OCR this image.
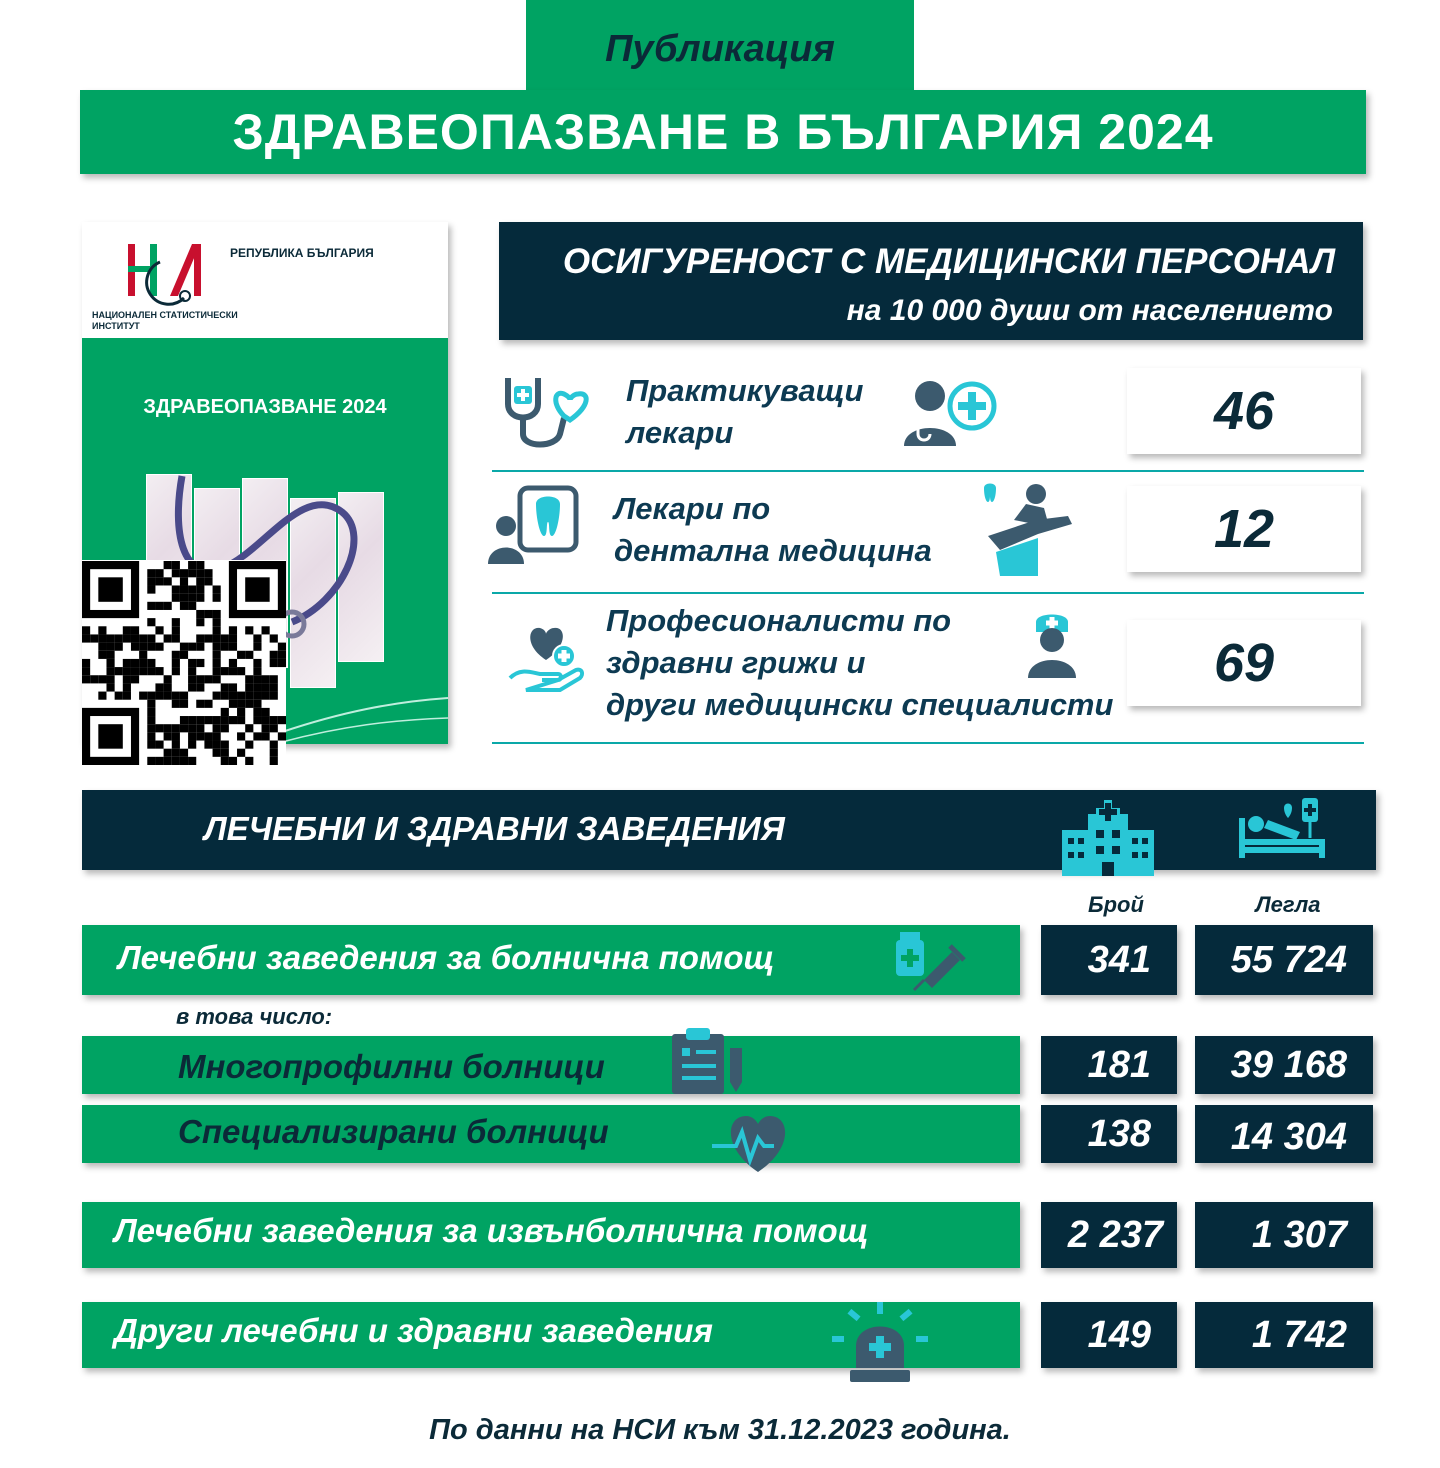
Публикация
ЗДРАВЕОПАЗВАНЕ В БЪЛГАРИЯ 2024
РЕПУБЛИКА БЪЛГАРИЯ
НАЦИОНАЛЕН СТАТИСТИЧЕСКИ ИНСТИТУТ
ЗДРАВЕОПАЗВАНЕ 2024
ОСИГУРЕНОСТ С МЕДИЦИНСКИ ПЕРСОНАЛ
на 10 000 души от населението
Практикуващи
лекари	46
Лекари по
дентална медицина	12
Професионалисти по
здравни грижи и
други медицински специалисти
69
ЛЕЧЕБНИ И ЗДРАВНИ ЗАВЕДЕНИЯ
Брой	Легла
Лечебни заведения за болнична помощ	341	55 724
в това число:
Многопрофилни болници	181	39 168
Специализирани болници	138	14 304
Лечебни заведения за извънболнична помощ	2 237	1 307
Други лечебни и здравни заведения	149	1 742
По данни на НСИ към 31.12.2023 година.
